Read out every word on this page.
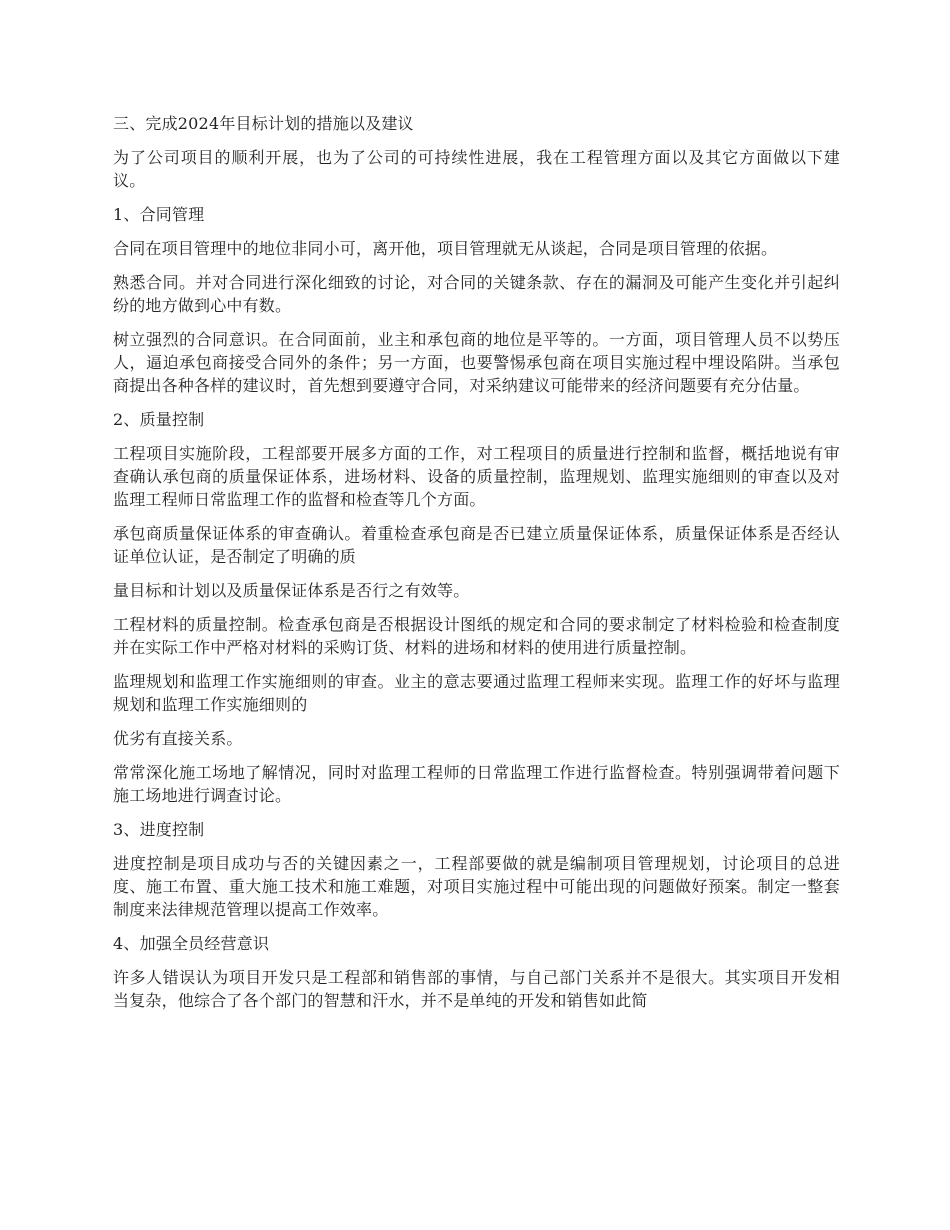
三、完成2024年目标计划的措施以及建议

为了公司项目的顺利开展，也为了公司的可持续性进展，我在工程管理方面以及其它方面做以下建议。

1、合同管理

合同在项目管理中的地位非同小可，离开他，项目管理就无从谈起，合同是项目管理的依据。

熟悉合同。并对合同进行深化细致的讨论，对合同的关键条款、存在的漏洞及可能产生变化并引起纠纷的地方做到心中有数。

树立强烈的合同意识。在合同面前，业主和承包商的地位是平等的。一方面，项目管理人员不以势压人，逼迫承包商接受合同外的条件；另一方面，也要警惕承包商在项目实施过程中埋设陷阱。当承包商提出各种各样的建议时，首先想到要遵守合同，对采纳建议可能带来的经济问题要有充分估量。

2、质量控制

工程项目实施阶段，工程部要开展多方面的工作，对工程项目的质量进行控制和监督，概括地说有审查确认承包商的质量保证体系，进场材料、设备的质量控制，监理规划、监理实施细则的审查以及对监理工程师日常监理工作的监督和检查等几个方面。

承包商质量保证体系的审查确认。着重检查承包商是否已建立质量保证体系，质量保证体系是否经认证单位认证，是否制定了明确的质

量目标和计划以及质量保证体系是否行之有效等。

工程材料的质量控制。检查承包商是否根据设计图纸的规定和合同的要求制定了材料检验和检查制度并在实际工作中严格对材料的采购订货、材料的进场和材料的使用进行质量控制。

监理规划和监理工作实施细则的审查。业主的意志要通过监理工程师来实现。监理工作的好坏与监理规划和监理工作实施细则的

优劣有直接关系。

常常深化施工场地了解情况，同时对监理工程师的日常监理工作进行监督检查。特别强调带着问题下施工场地进行调查讨论。

3、进度控制

进度控制是项目成功与否的关键因素之一，工程部要做的就是编制项目管理规划，讨论项目的总进度、施工布置、重大施工技术和施工难题，对项目实施过程中可能出现的问题做好预案。制定一整套制度来法律规范管理以提高工作效率。

4、加强全员经营意识

许多人错误认为项目开发只是工程部和销售部的事情，与自己部门关系并不是很大。其实项目开发相当复杂，他综合了各个部门的智慧和汗水，并不是单纯的开发和销售如此简
